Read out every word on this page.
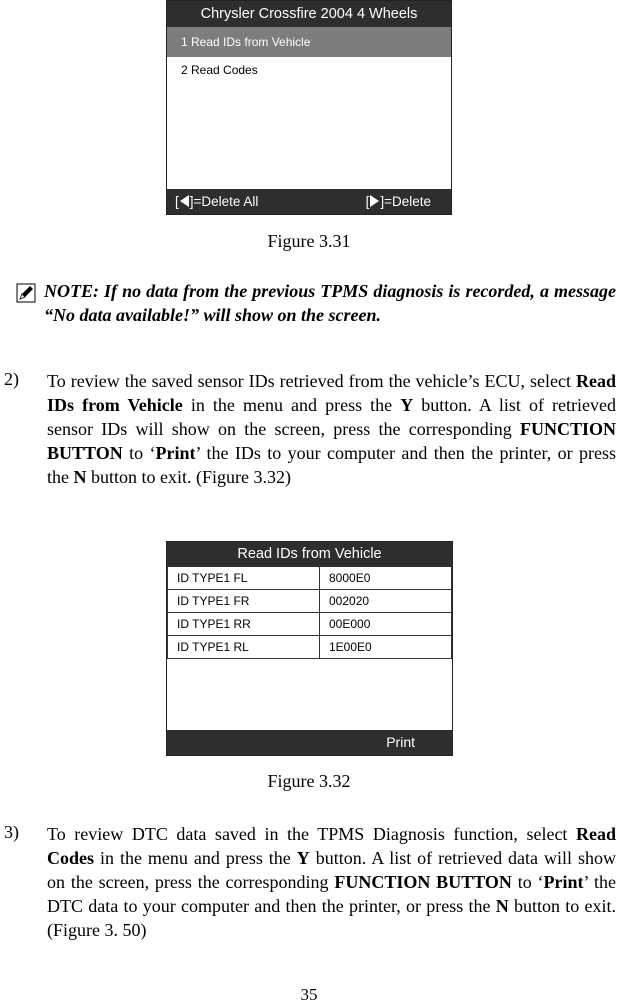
Chrysler Crossfire 2004 4 Wheels
1 Read IDs from Vehicle
2 Read Codes
[ ]=Delete All	[ ]=Delete
Figure 3.31
NOTE: If no data from the previous TPMS diagnosis is recorded, a message “No data available!” will show on the screen.
2) To review the saved sensor IDs retrieved from the vehicle’s ECU, select Read IDs from Vehicle in the menu and press the Y button. A list of retrieved sensor IDs will show on the screen, press the corresponding FUNCTION BUTTON to ‘Print’ the IDs to your computer and then the printer, or press the N button to exit. (Figure 3.32)
Read IDs from Vehicle
ID TYPE1 FL	8000E0
ID TYPE1 FR	002020
ID TYPE1 RR	00E000
ID TYPE1 RL	1E00E0
Print
Figure 3.32
3) To review DTC data saved in the TPMS Diagnosis function, select Read Codes in the menu and press the Y button. A list of retrieved data will show on the screen, press the corresponding FUNCTION BUTTON to ‘Print’ the DTC data to your computer and then the printer, or press the N button to exit. (Figure 3. 50)
35
